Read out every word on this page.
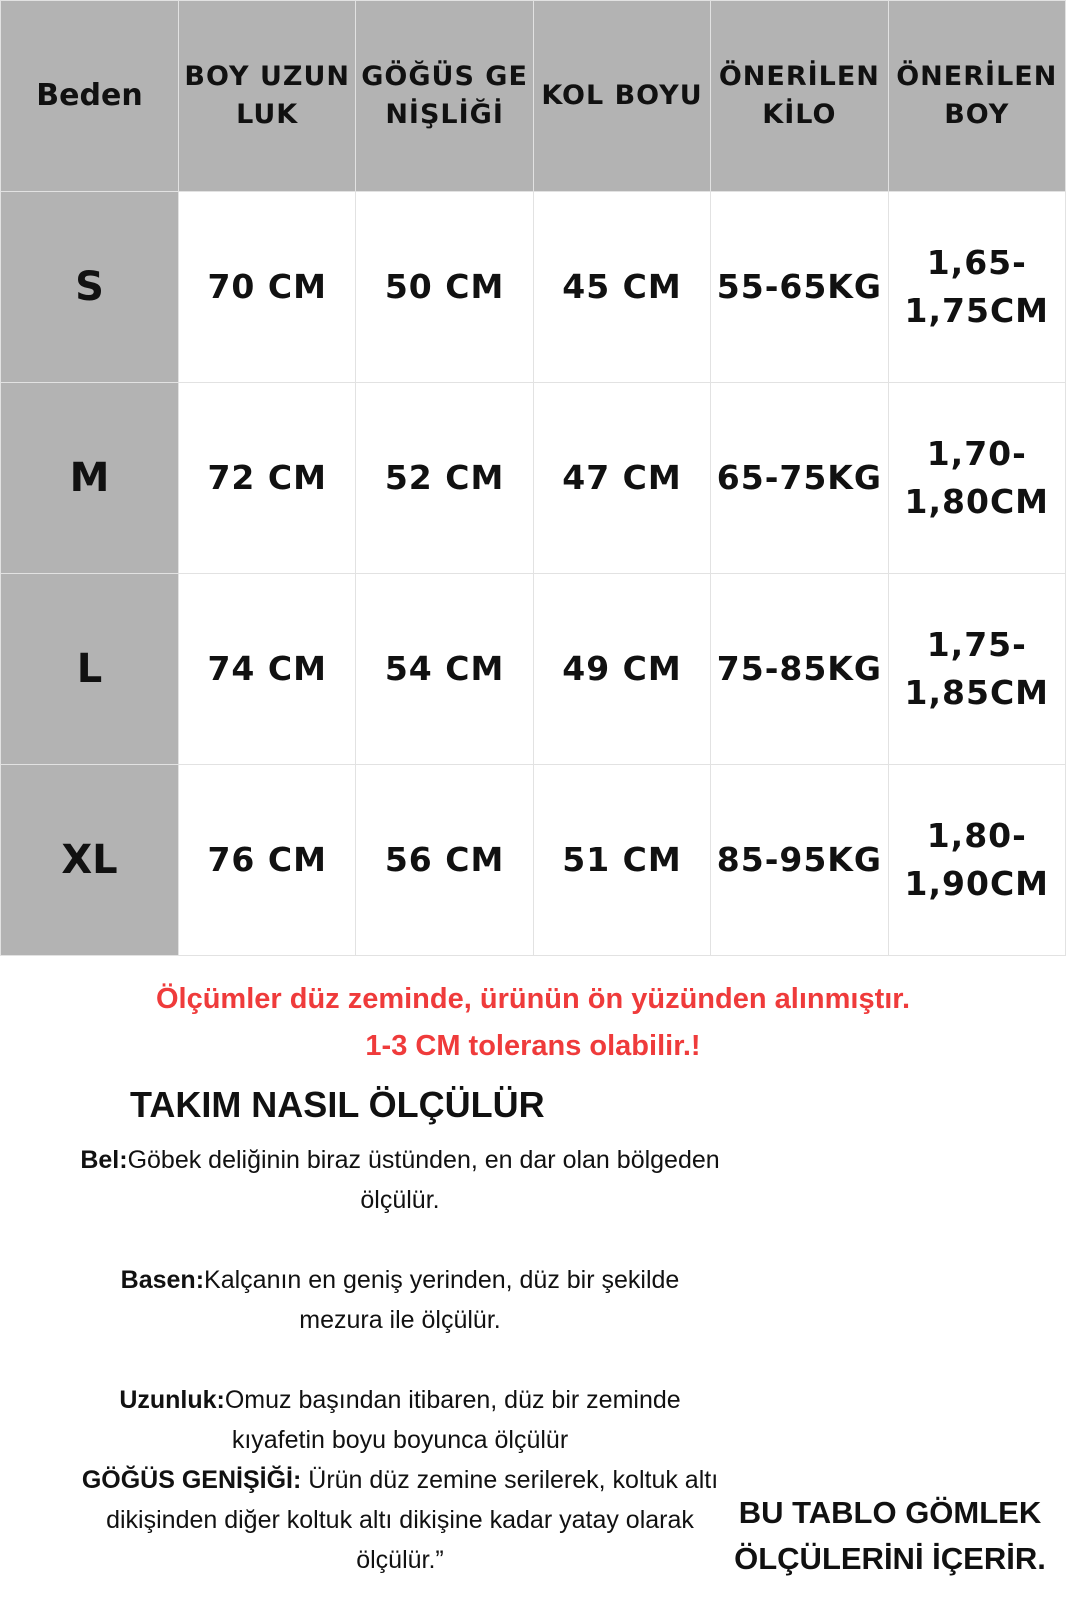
Beden	BOY UZUNLUK	GÖĞÜS GENİŞLİĞİ	KOL BOYU	ÖNERİLEN KİLO	ÖNERİLEN BOY
S	70 CM	50 CM	45 CM	55-65KG	1,65-1,75CM
M	72 CM	52 CM	47 CM	65-75KG	1,70-1,80CM
L	74 CM	54 CM	49 CM	75-85KG	1,75-1,85CM
XL	76 CM	56 CM	51 CM	85-95KG	1,80-1,90CM
Ölçümler düz zeminde, ürünün ön yüzünden alınmıştır.
1-3 CM tolerans olabilir.!
TAKIM NASIL ÖLÇÜLÜR
Bel:Göbek deliğinin biraz üstünden, en dar olan bölgeden ölçülür.
Basen:Kalçanın en geniş yerinden, düz bir şekilde mezura ile ölçülür.
Uzunluk:Omuz başından itibaren, düz bir zeminde kıyafetin boyu boyunca ölçülür
GÖĞÜS GENİŞİĞİ: Ürün düz zemine serilerek, koltuk altı dikişinden diğer koltuk altı dikişine kadar yatay olarak ölçülür.”
BU TABLO GÖMLEK
ÖLÇÜLERİNİ İÇERİR.
